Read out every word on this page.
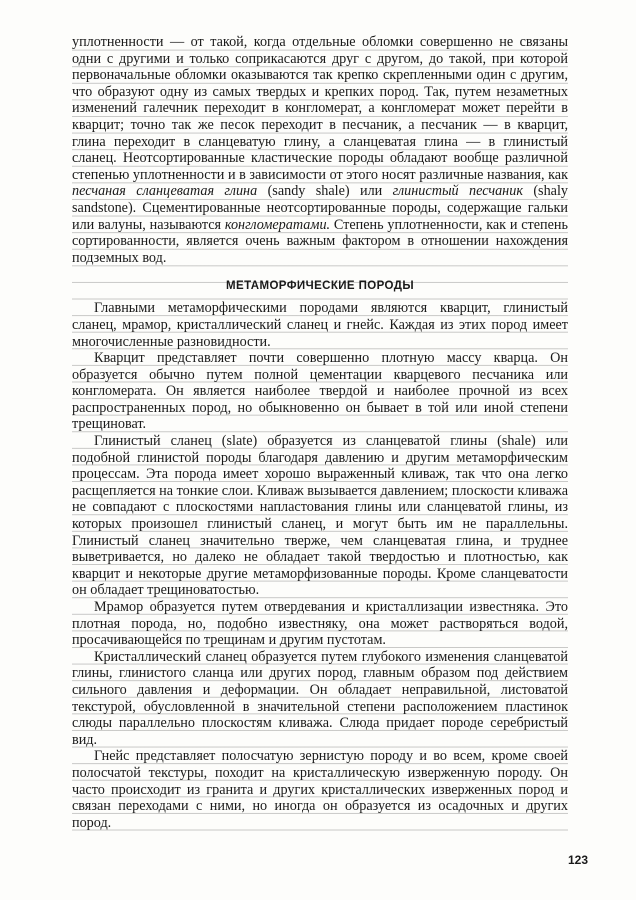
уплотненности — от такой, когда отдельные обломки совершенно не связаны одни с другими и только соприкасаются друг с другом, до такой, при которой первоначальные обломки оказываются так крепко скрепленными один с другим, что образуют одну из самых твердых и крепких пород. Так, путем незаметных изменений галечник переходит в конгломерат, а конгломерат может перейти в кварцит; точно так же песок переходит в песчаник, а песчаник — в кварцит, глина переходит в сланцеватую глину, а сланцеватая глина — в глинистый сланец. Неотсортированные кластические породы обладают вообще различной степенью уплотненности и в зависимости от этого носят различные названия, как песчаная сланцеватая глина (sandy shale) или глинистый песчаник (shaly sandstone). Сцементированные неотсортированные породы, содержащие гальки или валуны, называются конгломератами. Степень уплотненности, как и степень сортированности, является очень важным фактором в отношении нахождения подземных вод.

МЕТАМОРФИЧЕСКИЕ ПОРОДЫ

Главными метаморфическими породами являются кварцит, глинистый сланец, мрамор, кристаллический сланец и гнейс. Каждая из этих пород имеет многочисленные разновидности.

Кварцит представляет почти совершенно плотную массу кварца. Он образуется обычно путем полной цементации кварцевого песчаника или конгломерата. Он является наиболее твердой и наиболее прочной из всех распространенных пород, но обыкновенно он бывает в той или иной степени трещиноват.

Глинистый сланец (slate) образуется из сланцеватой глины (shale) или подобной глинистой породы благодаря давлению и другим метаморфическим процессам. Эта порода имеет хорошо выраженный кливаж, так что она легко расщепляется на тонкие слои. Кливаж вызывается давлением; плоскости кливажа не совпадают с плоскостями напластования глины или сланцеватой глины, из которых произошел глинистый сланец, и могут быть им не параллельны. Глинистый сланец значительно тверже, чем сланцеватая глина, и труднее выветривается, но далеко не обладает такой твердостью и плотностью, как кварцит и некоторые другие метаморфизованные породы. Кроме сланцеватости он обладает трещиноватостью.

Мрамор образуется путем отвердевания и кристаллизации известняка. Это плотная порода, но, подобно известняку, она может растворяться водой, просачивающейся по трещинам и другим пустотам.

Кристаллический сланец образуется путем глубокого изменения сланцеватой глины, глинистого сланца или других пород, главным образом под действием сильного давления и деформации. Он обладает неправильной, листоватой текстурой, обусловленной в значительной степени расположением пластинок слюды параллельно плоскостям кливажа. Слюда придает породе серебристый вид.

Гнейс представляет полосчатую зернистую породу и во всем, кроме своей полосчатой текстуры, походит на кристаллическую изверженную породу. Он часто происходит из гранита и других кристаллических изверженных пород и связан переходами с ними, но иногда он образуется из осадочных и других пород.

123
